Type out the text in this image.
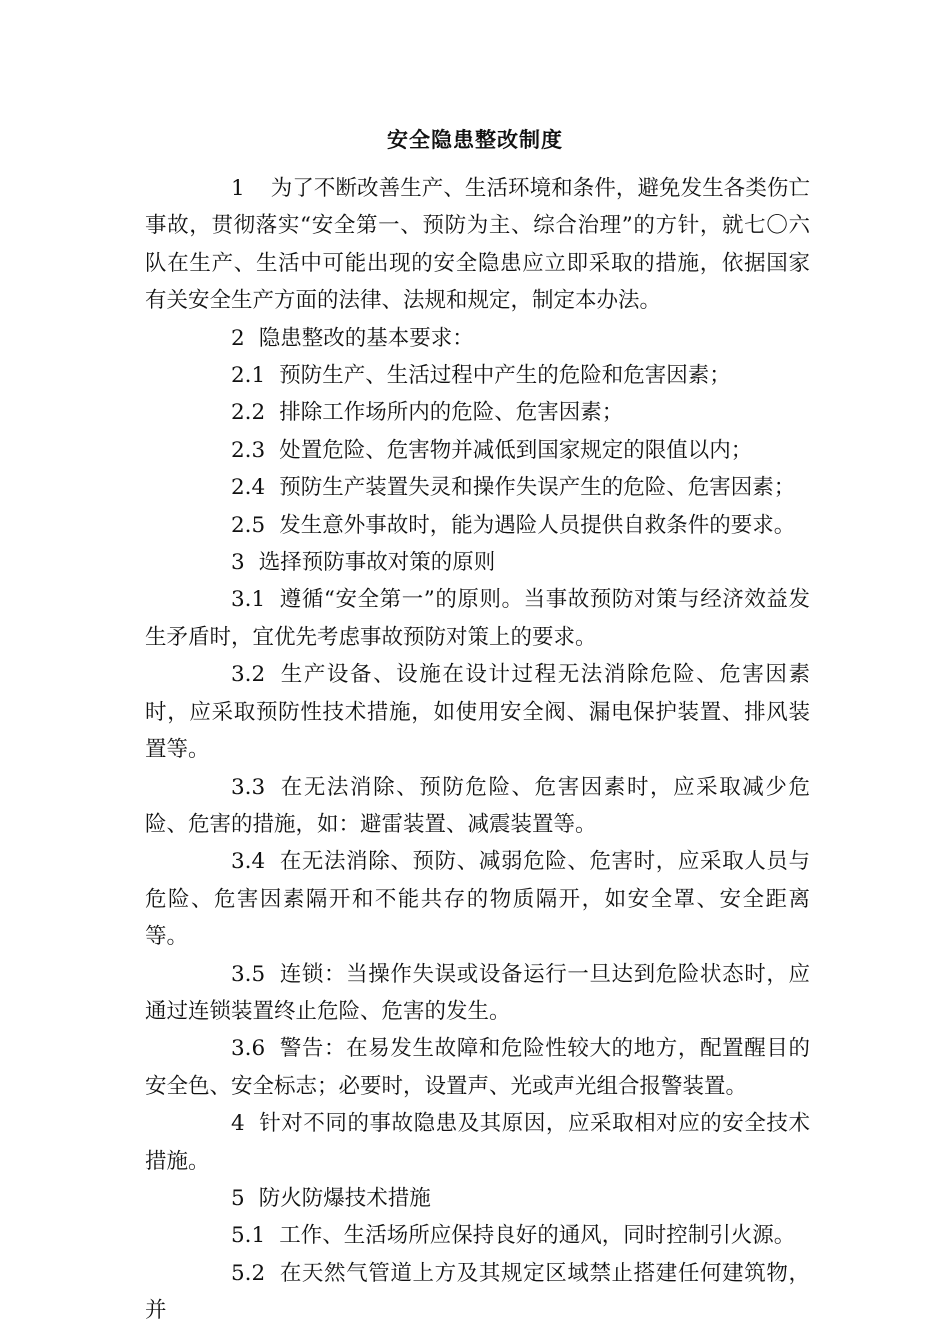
安全隐患整改制度

1 为了不断改善生产、生活环境和条件，避免发生各类伤亡事故，贯彻落实“安全第一、预防为主、综合治理”的方针，就七〇六队在生产、生活中可能出现的安全隐患应立即采取的措施，依据国家有关安全生产方面的法律、法规和规定，制定本办法。

2 隐患整改的基本要求：

2.1 预防生产、生活过程中产生的危险和危害因素；

2.2 排除工作场所内的危险、危害因素；

2.3 处置危险、危害物并减低到国家规定的限值以内；

2.4 预防生产装置失灵和操作失误产生的危险、危害因素；

2.5 发生意外事故时，能为遇险人员提供自救条件的要求。

3 选择预防事故对策的原则

3.1 遵循“安全第一”的原则。当事故预防对策与经济效益发生矛盾时，宜优先考虑事故预防对策上的要求。

3.2 生产设备、设施在设计过程无法消除危险、危害因素时，应采取预防性技术措施，如使用安全阀、漏电保护装置、排风装置等。

3.3 在无法消除、预防危险、危害因素时，应采取减少危险、危害的措施，如：避雷装置、减震装置等。

3.4 在无法消除、预防、减弱危险、危害时，应采取人员与危险、危害因素隔开和不能共存的物质隔开，如安全罩、安全距离等。

3.5 连锁：当操作失误或设备运行一旦达到危险状态时，应通过连锁装置终止危险、危害的发生。

3.6 警告：在易发生故障和危险性较大的地方，配置醒目的安全色、安全标志；必要时，设置声、光或声光组合报警装置。

4 针对不同的事故隐患及其原因，应采取相对应的安全技术措施。

5 防火防爆技术措施

5.1 工作、生活场所应保持良好的通风，同时控制引火源。

5.2 在天然气管道上方及其规定区域禁止搭建任何建筑物，并
